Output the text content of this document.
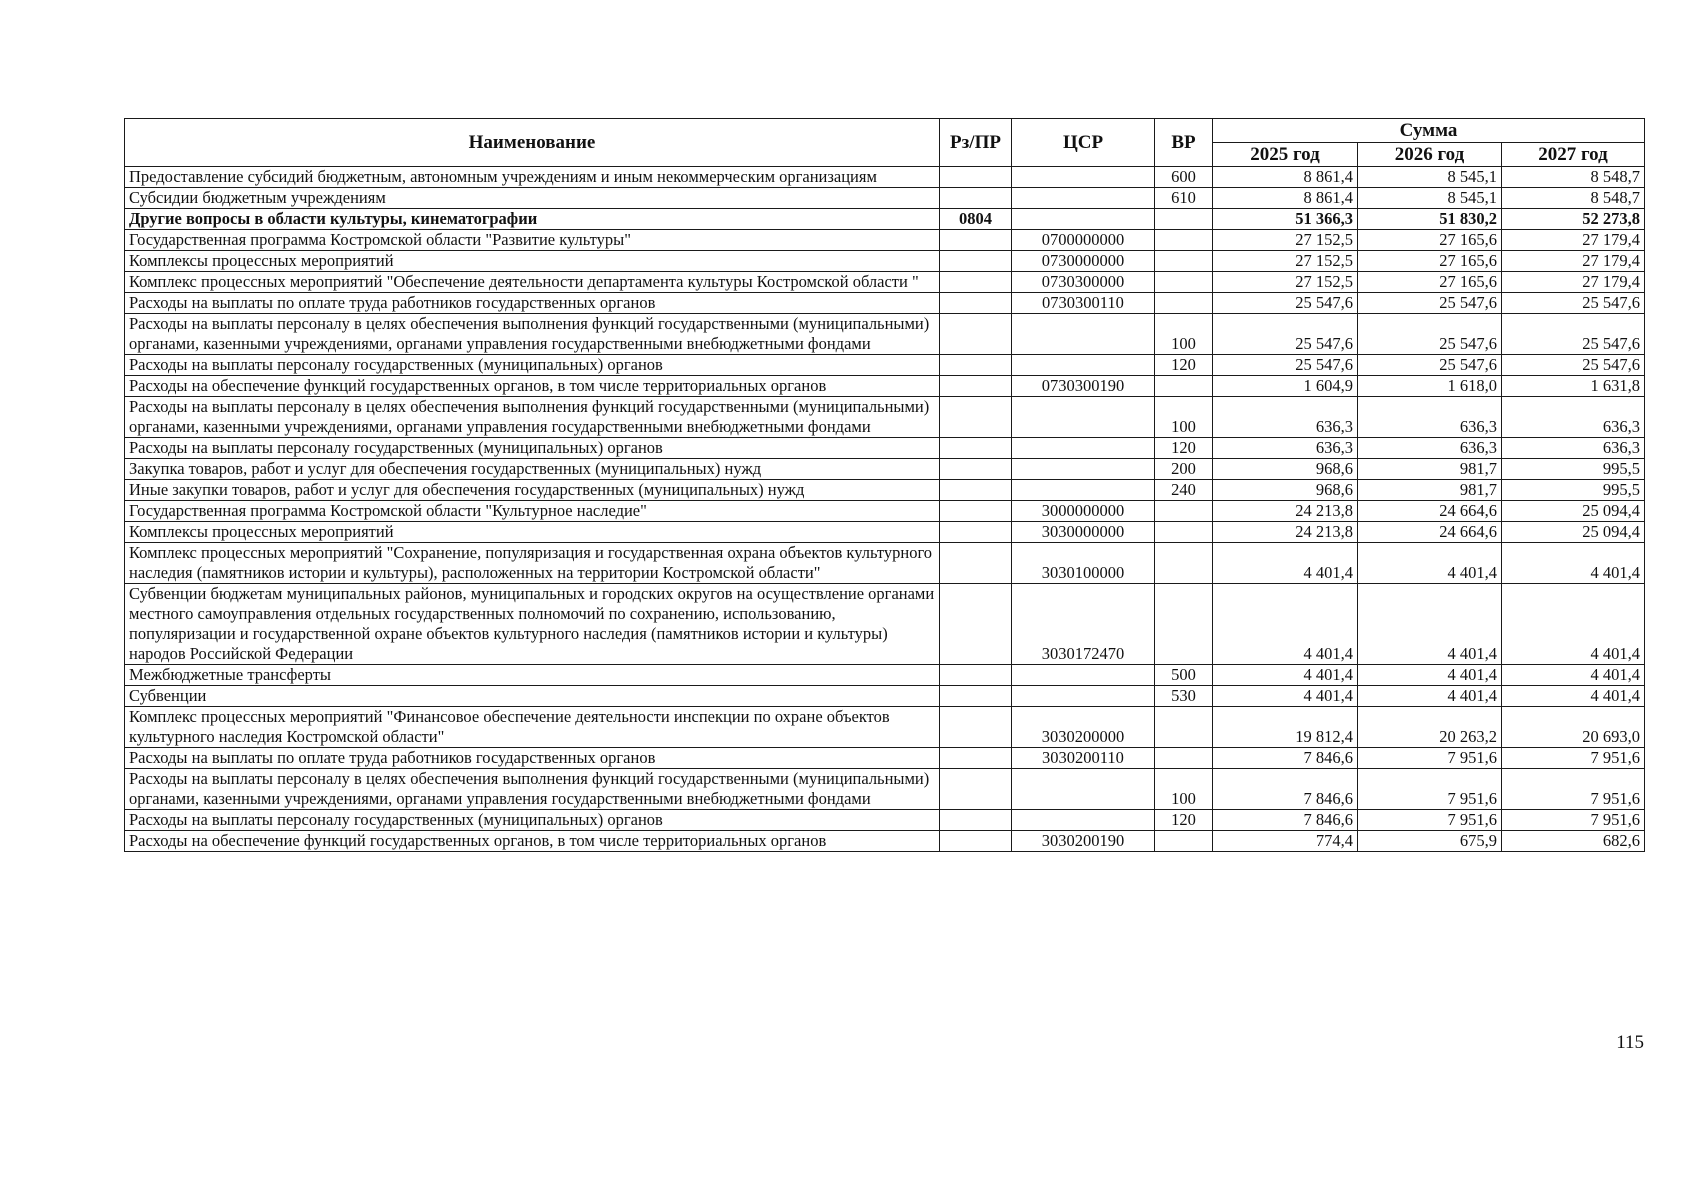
Наименование	Рз/ПР	ЦСР	ВР	Сумма		
				2025 год	2026 год	2027 год
Предоставление субсидий бюджетным, автономным учреждениям и иным некоммерческим организациям			600	8 861,4	8 545,1	8 548,7
Субсидии бюджетным учреждениям			610	8 861,4	8 545,1	8 548,7
Другие вопросы в области культуры, кинематографии	0804			51 366,3	51 830,2	52 273,8
Государственная программа Костромской области "Развитие культуры"		0700000000		27 152,5	27 165,6	27 179,4
Комплексы процессных мероприятий		0730000000		27 152,5	27 165,6	27 179,4
Комплекс процессных мероприятий "Обеспечение деятельности департамента культуры Костромской области "		0730300000		27 152,5	27 165,6	27 179,4
Расходы на выплаты по оплате труда работников государственных органов		0730300110		25 547,6	25 547,6	25 547,6
Расходы на выплаты персоналу в целях обеспечения выполнения функций государственными (муниципальными) органами, казенными учреждениями, органами управления государственными внебюджетными фондами			100	25 547,6	25 547,6	25 547,6
Расходы на выплаты персоналу государственных (муниципальных) органов			120	25 547,6	25 547,6	25 547,6
Расходы на обеспечение функций государственных органов, в том числе территориальных органов		0730300190		1 604,9	1 618,0	1 631,8
Расходы на выплаты персоналу в целях обеспечения выполнения функций государственными (муниципальными) органами, казенными учреждениями, органами управления государственными внебюджетными фондами			100	636,3	636,3	636,3
Расходы на выплаты персоналу государственных (муниципальных) органов			120	636,3	636,3	636,3
Закупка товаров, работ и услуг для обеспечения государственных (муниципальных) нужд			200	968,6	981,7	995,5
Иные закупки товаров, работ и услуг для обеспечения государственных (муниципальных) нужд			240	968,6	981,7	995,5
Государственная программа Костромской области "Культурное наследие"		3000000000		24 213,8	24 664,6	25 094,4
Комплексы процессных мероприятий		3030000000		24 213,8	24 664,6	25 094,4
Комплекс процессных мероприятий "Сохранение, популяризация и государственная охрана объектов культурного наследия (памятников истории и культуры), расположенных на территории Костромской области"		3030100000		4 401,4	4 401,4	4 401,4
Субвенции бюджетам муниципальных районов, муниципальных и городских округов на осуществление органами местного самоуправления отдельных государственных полномочий по сохранению, использованию, популяризации и государственной охране объектов культурного наследия (памятников истории и культуры) народов Российской Федерации		3030172470		4 401,4	4 401,4	4 401,4
Межбюджетные трансферты			500	4 401,4	4 401,4	4 401,4
Субвенции			530	4 401,4	4 401,4	4 401,4
Комплекс процессных мероприятий "Финансовое обеспечение деятельности инспекции по охране объектов культурного наследия Костромской области"		3030200000		19 812,4	20 263,2	20 693,0
Расходы на выплаты по оплате труда работников государственных органов		3030200110		7 846,6	7 951,6	7 951,6
Расходы на выплаты персоналу в целях обеспечения выполнения функций государственными (муниципальными) органами, казенными учреждениями, органами управления государственными внебюджетными фондами			100	7 846,6	7 951,6	7 951,6
Расходы на выплаты персоналу государственных (муниципальных) органов			120	7 846,6	7 951,6	7 951,6
Расходы на обеспечение функций государственных органов, в том числе территориальных органов		3030200190		774,4	675,9	682,6
115
